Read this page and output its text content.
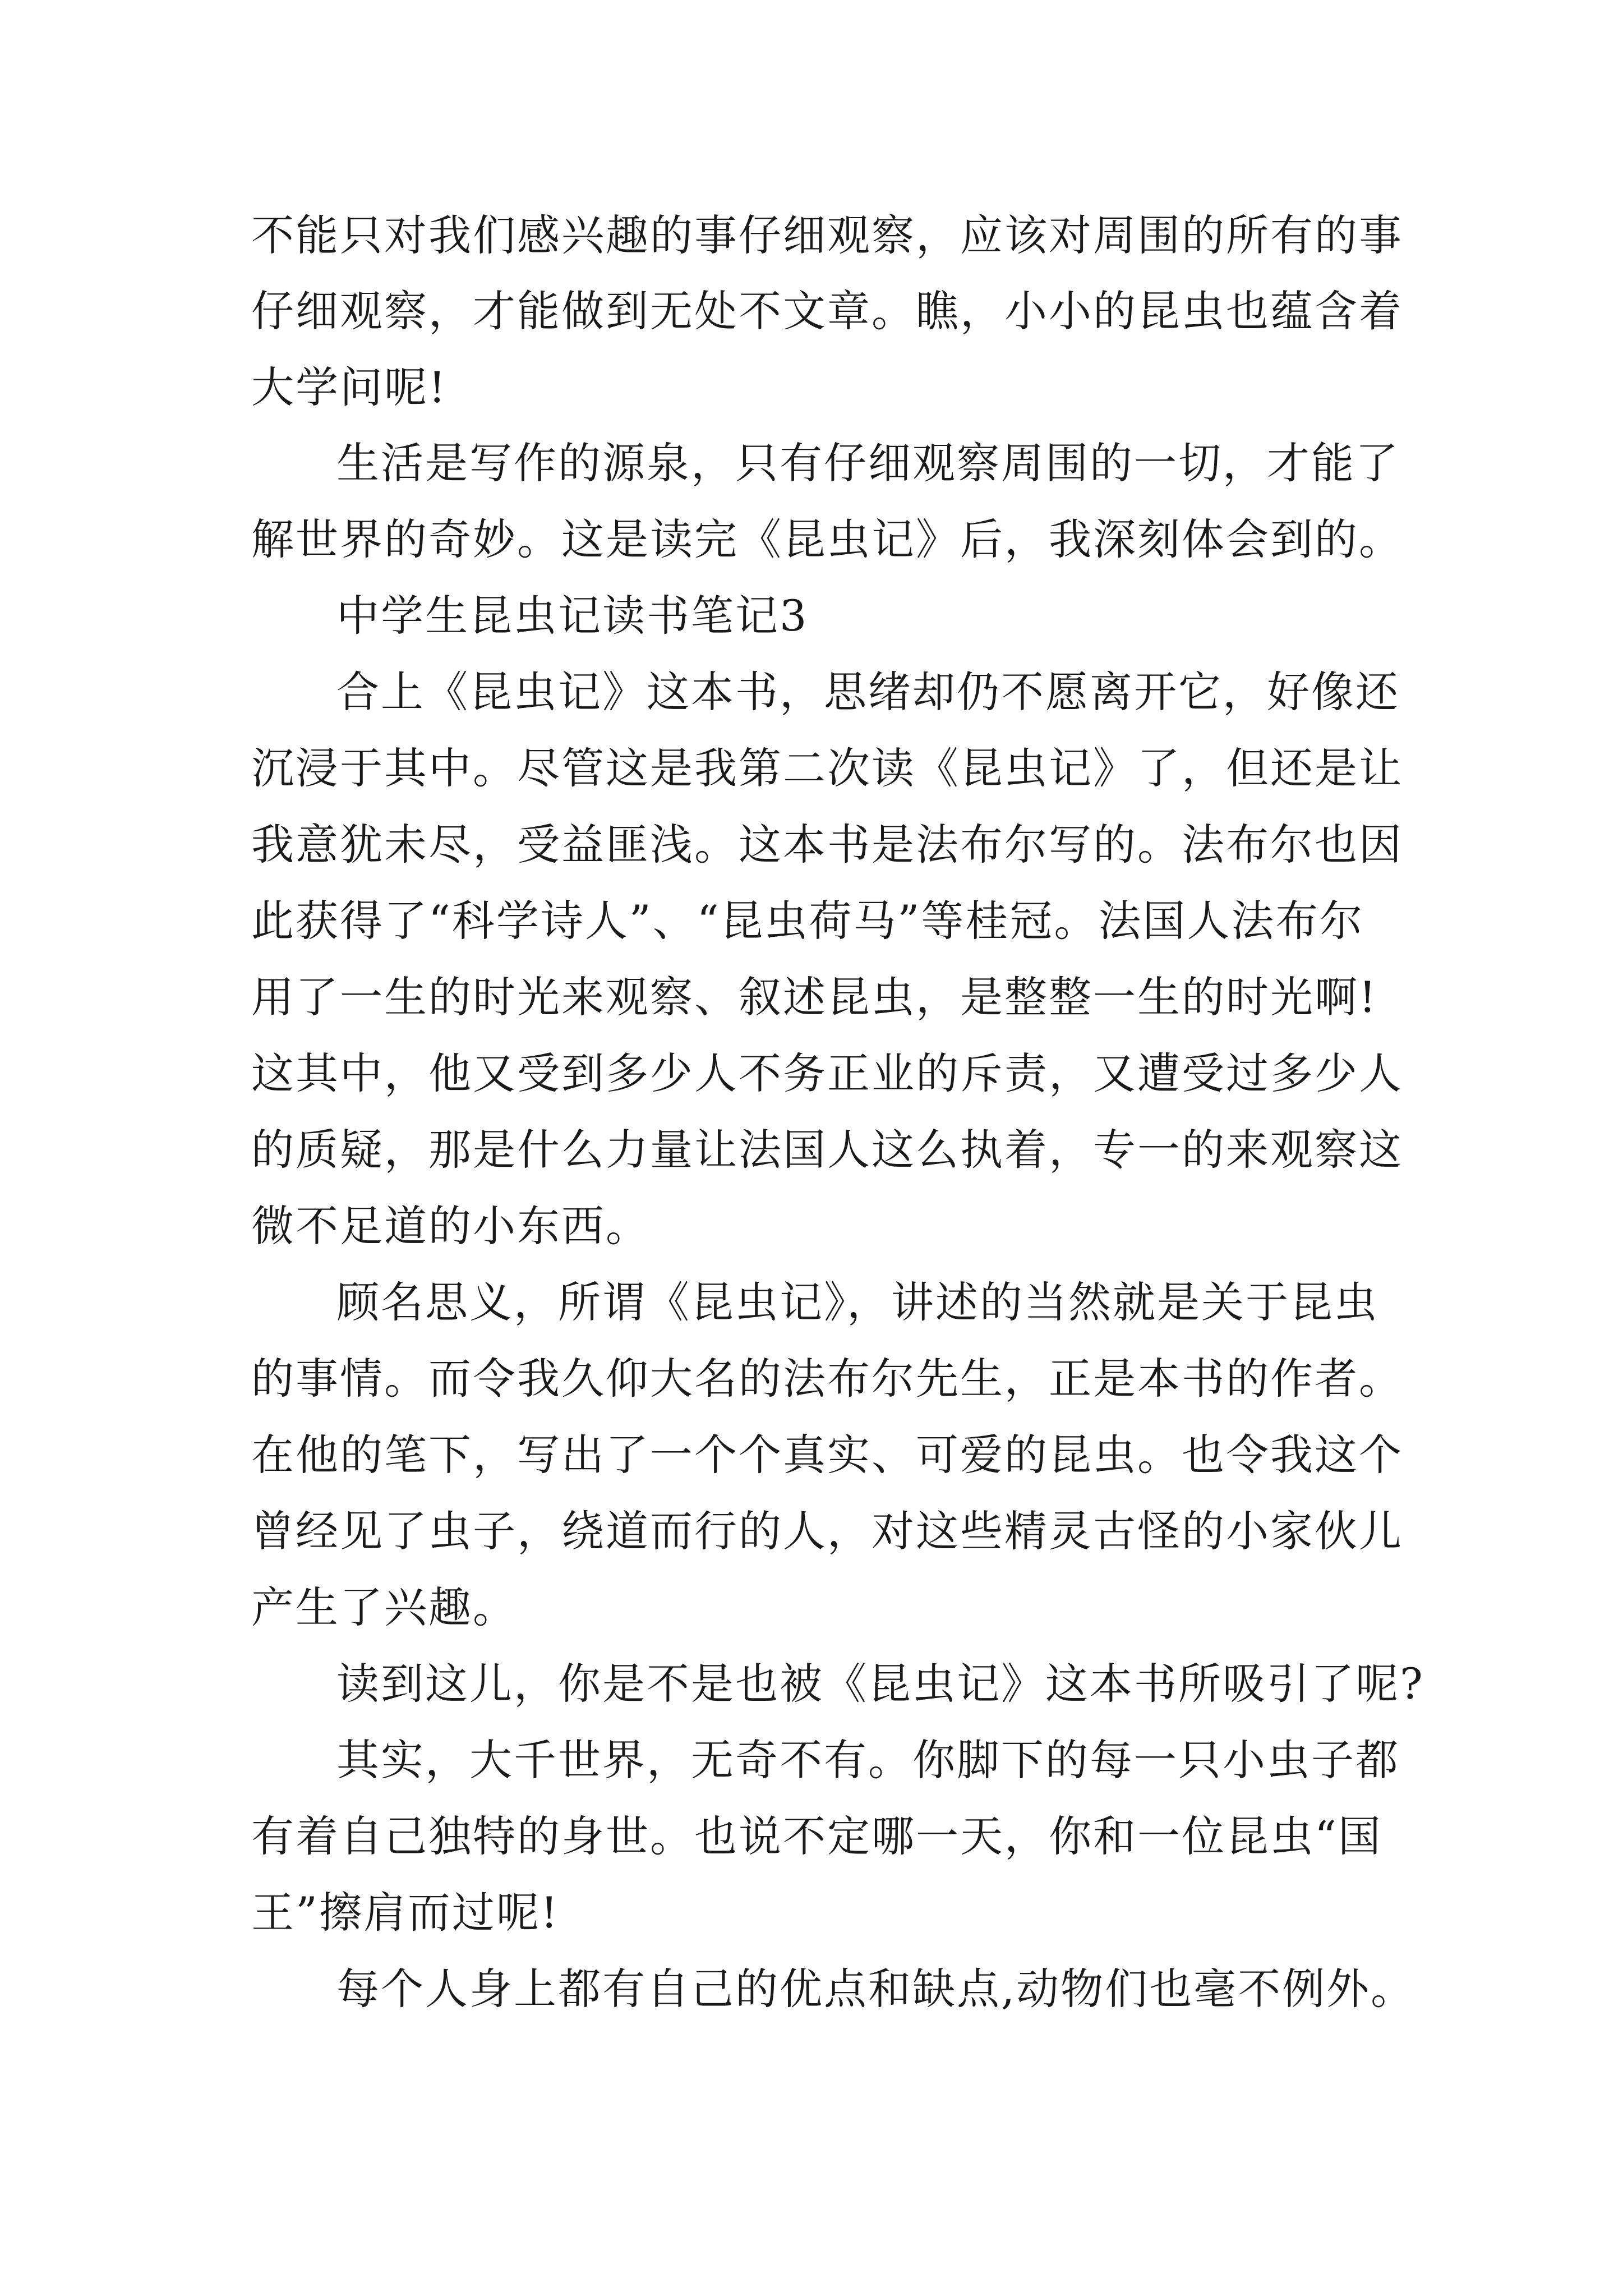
不能只对我们感兴趣的事仔细观察，应该对周围的所有的事
仔细观察，才能做到无处不文章。瞧，小小的昆虫也蕴含着
大学问呢!
生活是写作的源泉，只有仔细观察周围的一切，才能了
解世界的奇妙。这是读完《昆虫记》后，我深刻体会到的。
中学生昆虫记读书笔记3
合上《昆虫记》这本书，思绪却仍不愿离开它，好像还
沉浸于其中。尽管这是我第二次读《昆虫记》了，但还是让
我意犹未尽，受益匪浅。这本书是法布尔写的。法布尔也因
此获得了“科学诗人”、“昆虫荷马”等桂冠。法国人法布尔
用了一生的时光来观察、叙述昆虫，是整整一生的时光啊!
这其中，他又受到多少人不务正业的斥责，又遭受过多少人
的质疑，那是什么力量让法国人这么执着，专一的来观察这
微不足道的小东西。
顾名思义，所谓《昆虫记》，讲述的当然就是关于昆虫
的事情。而令我久仰大名的法布尔先生，正是本书的作者。
在他的笔下，写出了一个个真实、可爱的昆虫。也令我这个
曾经见了虫子，绕道而行的人，对这些精灵古怪的小家伙儿
产生了兴趣。
读到这儿，你是不是也被《昆虫记》这本书所吸引了呢?
其实，大千世界，无奇不有。你脚下的每一只小虫子都
有着自己独特的身世。也说不定哪一天，你和一位昆虫“国
王”擦肩而过呢!
每个人身上都有自己的优点和缺点,动物们也毫不例外。
